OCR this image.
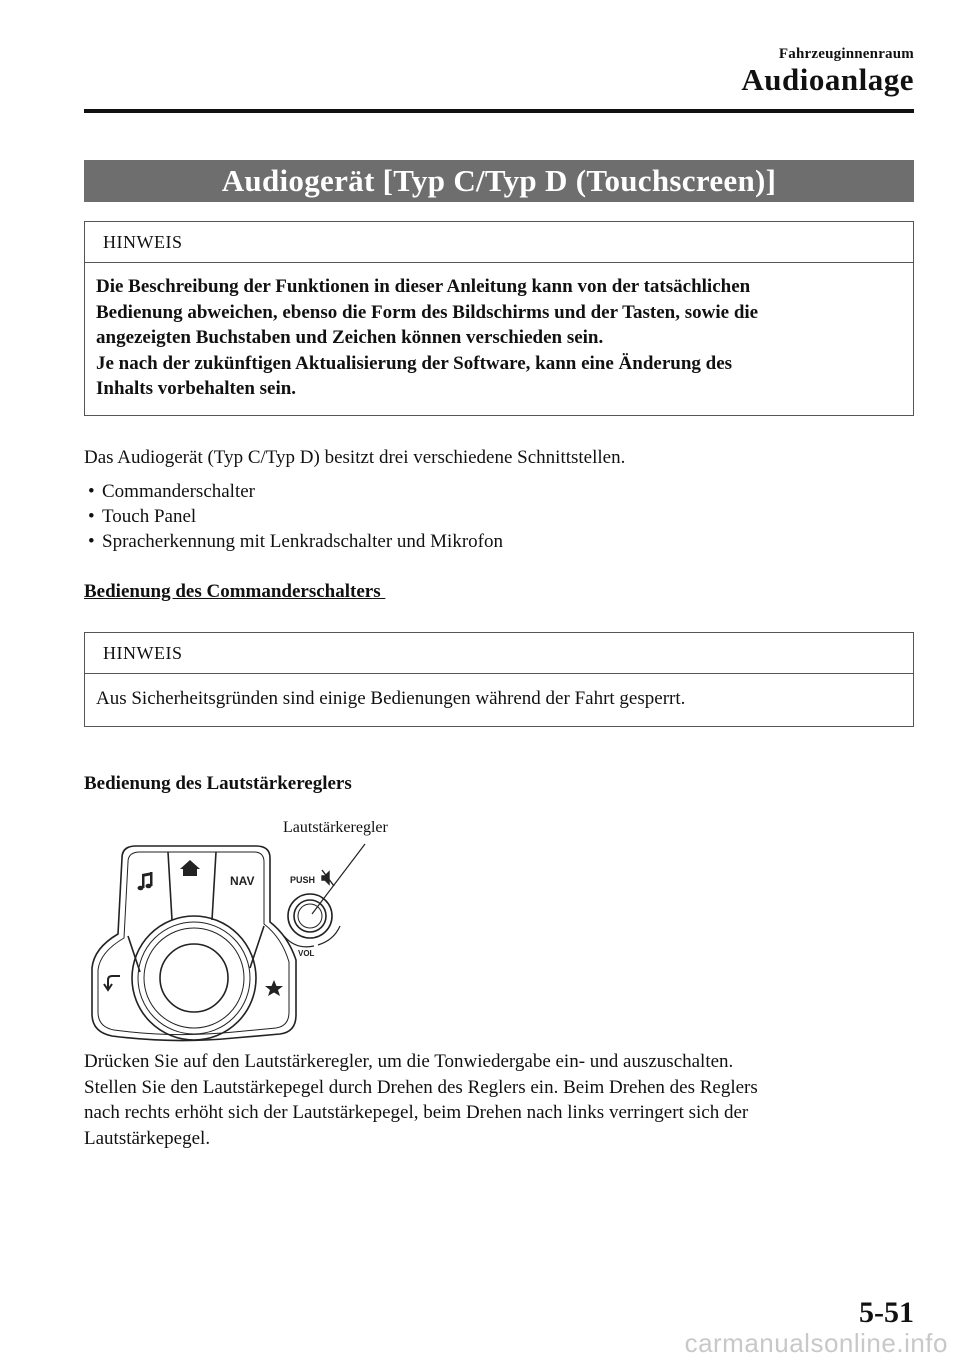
Fahrzeuginnenraum
Audioanlage
Audiogerät [Typ C/Typ D (Touchscreen)]
HINWEIS
Die Beschreibung der Funktionen in dieser Anleitung kann von der tatsächlichen
Bedienung abweichen, ebenso die Form des Bildschirms und der Tasten, sowie die
angezeigten Buchstaben und Zeichen können verschieden sein.
Je nach der zukünftigen Aktualisierung der Software, kann eine Änderung des
Inhalts vorbehalten sein.
Das Audiogerät (Typ C/Typ D) besitzt drei verschiedene Schnittstellen.
• Commanderschalter
• Touch Panel
• Spracherkennung mit Lenkradschalter und Mikrofon
Bedienung des Commanderschalters
HINWEIS
Aus Sicherheitsgründen sind einige Bedienungen während der Fahrt gesperrt.
Bedienung des Lautstärkereglers
NAV	PUSH
VOL
Lautstärkeregler
Drücken Sie auf den Lautstärkeregler, um die Tonwiedergabe ein- und auszuschalten.
Stellen Sie den Lautstärkepegel durch Drehen des Reglers ein. Beim Drehen des Reglers
nach rechts erhöht sich der Lautstärkepegel, beim Drehen nach links verringert sich der
Lautstärkepegel.
5-51
carmanualsonline.info
